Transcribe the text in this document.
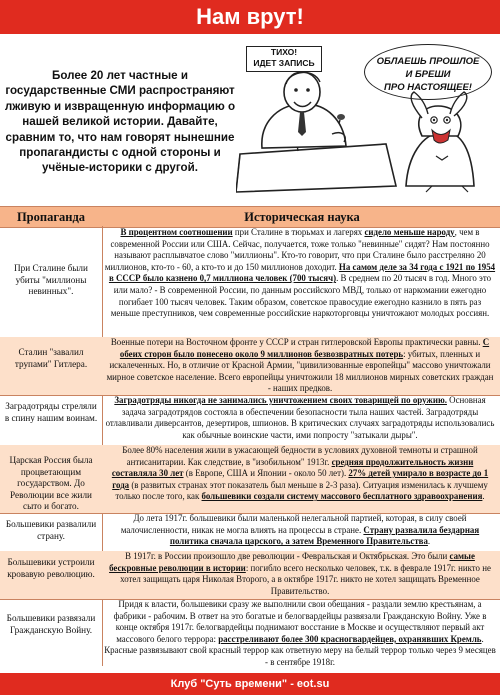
Нам врут!
Более 20 лет частные и государственные СМИ распространяют лживую и извращенную информацию о нашей великой истории. Давайте, сравним то, что нам говорят нынешние пропагандисты с одной стороны и учёные-историки с другой.
ТИХО!
ИДЕТ ЗАПИСЬ	ОБЛАЕШЬ ПРОШЛОЕ
И БРЕШИ
ПРО НАСТОЯЩЕЕ!
Пропаганда	Историческая наука
При Сталине были убиты "миллионы невинных".
В процентном соотношении при Сталине в тюрьмах и лагерях сидело меньше народу, чем в современной России или США. Сейчас, получается, тоже только "невинные" сидят? Нам постоянно называют расплывчатое слово "миллионы". Кто-то говорит, что при Сталине было расстреляно 20 миллионов, кто-то - 60, а кто-то и до 150 миллионов доходит. На самом деле за 34 года с 1921 по 1954 в СССР было казнено 0,7 миллиона человек (700 тысяч). В среднем по 20 тысяч в год. Много это или мало? - В современной России, по данным российского МВД, только от наркомании ежегодно погибает 100 тысяч человек. Таким образом, советское правосудие ежегодно казнило в пять раз меньше преступников, чем современные российские наркоторговцы уничтожают молодых россиян.
Сталин "завалил трупами" Гитлера.
Военные потери на Восточном фронте у СССР и стран гитлеровской Европы практически равны. С обеих сторон было понесено около 9 миллионов безвозвратных потерь: убитых, пленных и искалеченных. Но, в отличие от Красной Армии, "цивилизованные европейцы" массово уничтожали мирное советское население. Всего европейцы уничтожили 18 миллионов мирных советских граждан - наших предков.
Заградотряды стреляли в спину нашим воинам.
Заградотряды никогда не занимались уничтожением своих товарищей по оружию. Основная задача заградотрядов состояла в обеспечении безопасности тыла наших частей. Заградотряды отлавливали диверсантов, дезертиров, шпионов. В критических случаях заградотряды использовались как обычные воинские части, ими попросту "затыкали дыры".
Царская Россия была процветающим государством. До Революции все жили сыто и богато.
Более 80% населения жили в ужасающей бедности в условиях духовной темноты и страшной антисанитарии. Как следствие, в "изобильном" 1913г. средняя продолжительность жизни составляла 30 лет (в Европе, США и Японии - около 50 лет). 27% детей умирало в возрасте до 1 года (в развитых странах этот показатель был меньше в 2-3 раза). Ситуация изменилась к лучшему только после того, как большевики создали систему массового бесплатного здравоохранения.
Большевики развалили страну.
До лета 1917г. большевики были маленькой нелегальной партией, которая, в силу своей малочисленности, никак не могла влиять на процессы в стране. Страну развалила бездарная политика сначала царского, а затем Временного Правительства.
Большевики устроили кровавую революцию.
В 1917г. в России произошло две революции - Февральская и Октябрьская. Это были самые бескровные революции в истории: погибло всего несколько человек, т.к. в феврале 1917г. никто не хотел защищать царя Николая Второго, а в октябре 1917г. никто не хотел защищать Временное Правительство.
Большевики развязали Гражданскую Войну.
Придя к власти, большевики сразу же выполнили свои обещания - раздали землю крестьянам, а фабрики - рабочим. В ответ на это богатые и белогвардейцы развязали Гражданскую Войну. Уже в конце октября 1917г. белогвардейцы поднимают восстание в Москве и осуществляют первый акт массового белого террора: расстреливают более 300 красногвардейцев, охранявших Кремль. Красные развязывают свой красный террор как ответную меру на белый террор только через 9 месяцев - в сентябре 1918г.
Клуб "Суть времени" - eot.su
